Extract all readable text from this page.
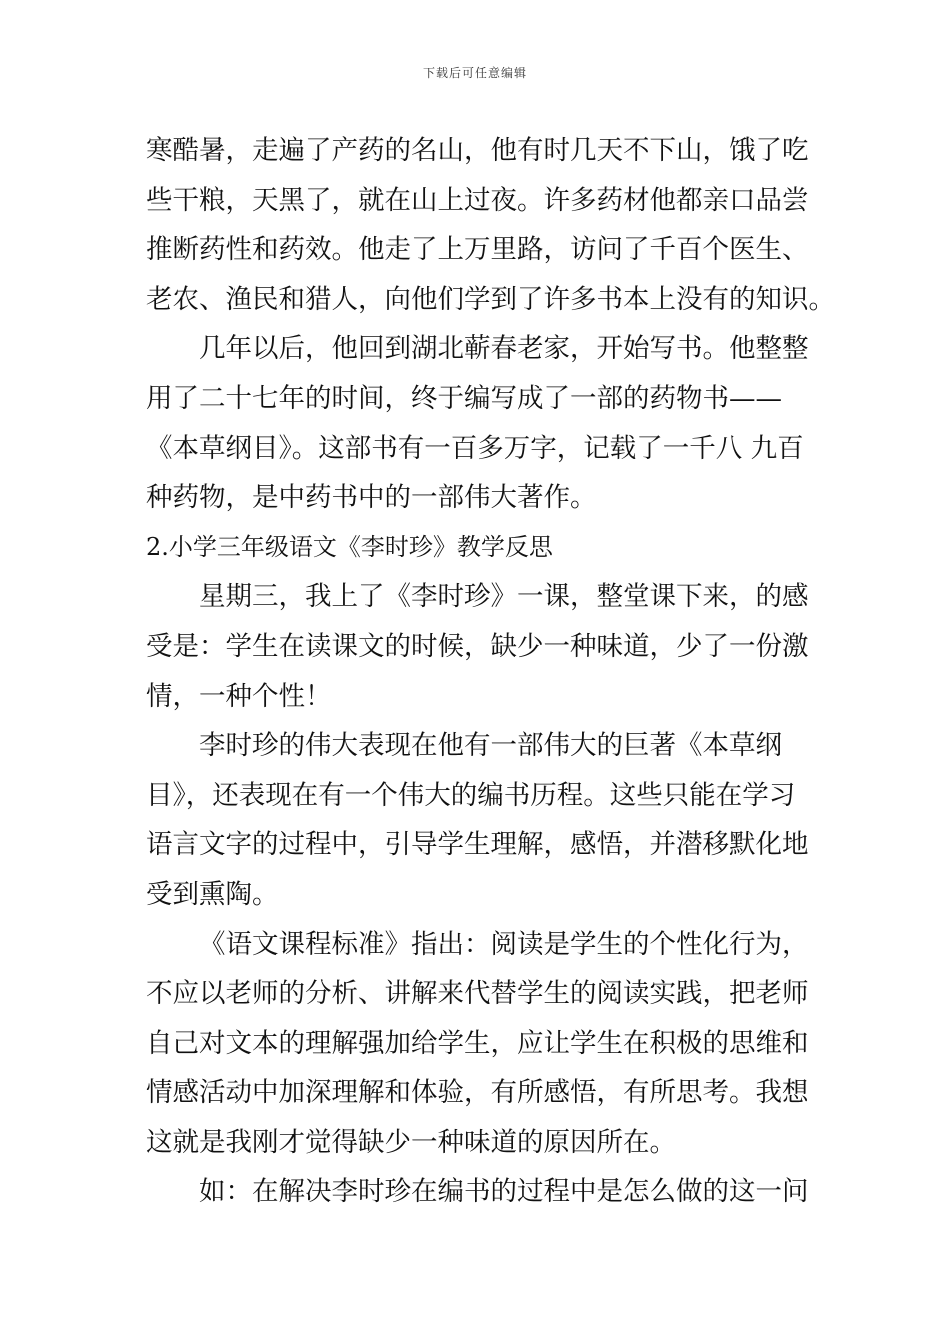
下载后可任意编辑
寒酷暑，走遍了产药的名山，他有时几天不下山，饿了吃
些干粮，天黑了，就在山上过夜。许多药材他都亲口品尝
推断药性和药效。他走了上万里路，访问了千百个医生、
老农、渔民和猎人，向他们学到了许多书本上没有的知识。
几年以后，他回到湖北蕲春老家，开始写书。他整整
用了二十七年的时间，终于编写成了一部的药物书——
《本草纲目》。这部书有一百多万字，记载了一千八 九百
种药物，是中药书中的一部伟大著作。
2.小学三年级语文《李时珍》教学反思
星期三，我上了《李时珍》一课，整堂课下来，的感
受是：学生在读课文的时候，缺少一种味道，少了一份激
情，一种个性！
李时珍的伟大表现在他有一部伟大的巨著《本草纲
目》，还表现在有一个伟大的编书历程。这些只能在学习
语言文字的过程中，引导学生理解，感悟，并潜移默化地
受到熏陶。
《语文课程标准》指出：阅读是学生的个性化行为，
不应以老师的分析、讲解来代替学生的阅读实践，把老师
自己对文本的理解强加给学生，应让学生在积极的思维和
情感活动中加深理解和体验，有所感悟，有所思考。我想
这就是我刚才觉得缺少一种味道的原因所在。
如：在解决李时珍在编书的过程中是怎么做的这一问
